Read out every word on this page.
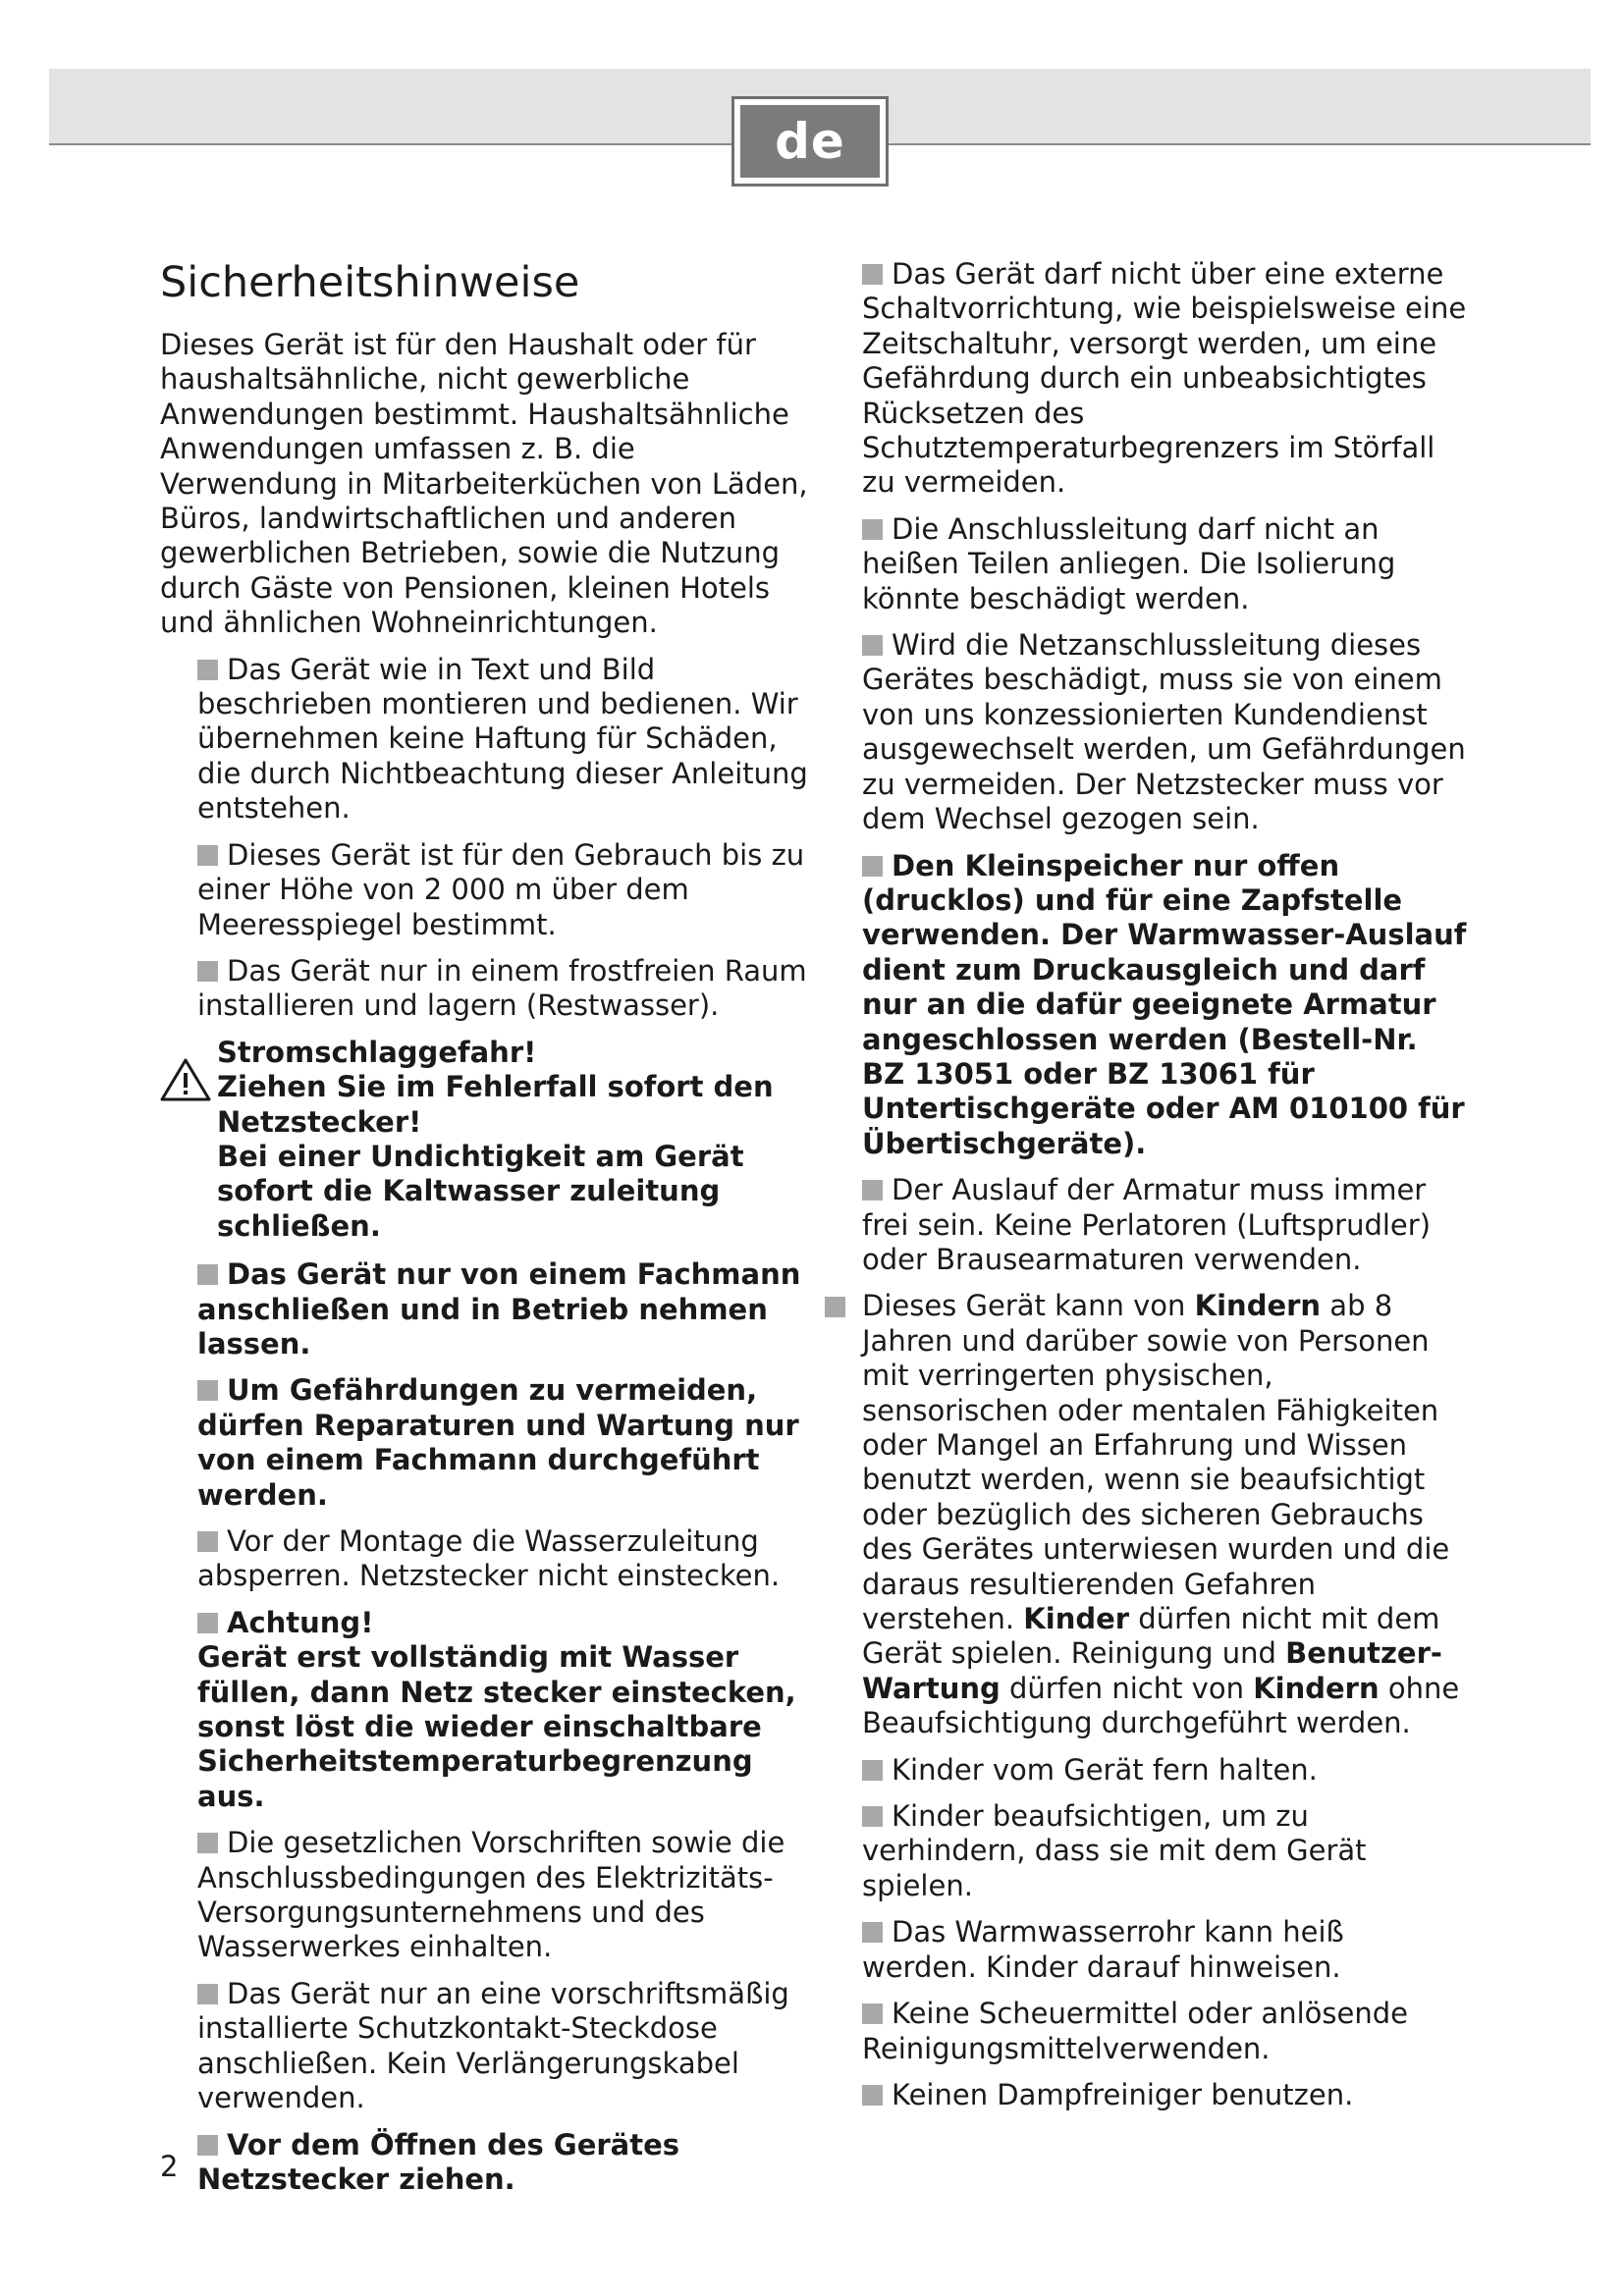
de
Sicherheitshinweise

Dieses Gerät ist für den Haushalt oder für haushaltsähnliche, nicht gewerbliche Anwendungen bestimmt. Haushaltsähnliche Anwendungen umfassen z. B. die Verwendung in Mitarbeiterküchen von Läden, Büros, landwirtschaftlichen und anderen gewerblichen Betrieben, sowie die Nutzung durch Gäste von Pensionen, kleinen Hotels und ähnlichen Wohneinrichtungen.

Das Gerät wie in Text und Bild beschrieben montieren und bedienen. Wir übernehmen keine Haftung für Schäden, die durch Nichtbeachtung dieser Anleitung entstehen.

Dieses Gerät ist für den Gebrauch bis zu einer Höhe von 2 000 m über dem Meeresspiegel bestimmt.

Das Gerät nur in einem frostfreien Raum installieren und lagern (Restwasser).

Stromschlaggefahr!
Ziehen Sie im Fehlerfall sofort den Netzstecker!
Bei einer Undichtigkeit am Gerät sofort die Kaltwasser zuleitung schließen.

Das Gerät nur von einem Fachmann anschließen und in Betrieb nehmen lassen.

Um Gefährdungen zu vermeiden, dürfen Reparaturen und Wartung nur von einem Fachmann durchgeführt werden.

Vor der Montage die Wasserzuleitung absperren. Netzstecker nicht einstecken.

Achtung!
Gerät erst vollständig mit Wasser füllen, dann Netz stecker einstecken, sonst löst die wieder einschaltbare Sicherheitstemperaturbegrenzung aus.

Die gesetzlichen Vorschriften sowie die Anschlussbedingungen des Elektrizitäts-Versorgungsunternehmens und des Wasserwerkes einhalten.

Das Gerät nur an eine vorschriftsmäßig installierte Schutzkontakt-Steckdose anschließen. Kein Verlängerungskabel verwenden.

Vor dem Öffnen des Gerätes Netzstecker ziehen.

Das Gerät darf nicht über eine externe Schaltvorrichtung, wie beispielsweise eine Zeitschaltuhr, versorgt werden, um eine Gefährdung durch ein unbeabsichtigtes Rücksetzen des Schutztemperaturbegrenzers im Störfall zu vermeiden.

Die Anschlussleitung darf nicht an heißen Teilen anliegen. Die Isolierung könnte beschädigt werden.

Wird die Netzanschlussleitung dieses Gerätes beschädigt, muss sie von einem von uns konzessionierten Kundendienst ausgewechselt werden, um Gefährdungen zu vermeiden. Der Netzstecker muss vor dem Wechsel gezogen sein.

Den Kleinspeicher nur offen (drucklos) und für eine Zapfstelle verwenden. Der Warmwasser-Auslauf dient zum Druckausgleich und darf nur an die dafür geeignete Armatur angeschlossen werden (Bestell-Nr. BZ 13051 oder BZ 13061 für Untertischgeräte oder AM 010100 für Übertischgeräte).

Der Auslauf der Armatur muss immer frei sein. Keine Perlatoren (Luftsprudler) oder Brausearmaturen verwenden.

Dieses Gerät kann von Kindern ab 8 Jahren und darüber sowie von Personen mit verringerten physischen, sensorischen oder mentalen Fähigkeiten oder Mangel an Erfahrung und Wissen benutzt werden, wenn sie beaufsichtigt oder bezüglich des sicheren Gebrauchs des Gerätes unterwiesen wurden und die daraus resultierenden Gefahren verstehen. Kinder dürfen nicht mit dem Gerät spielen. Reinigung und Benutzer-Wartung dürfen nicht von Kindern ohne Beaufsichtigung durchgeführt werden.

Kinder vom Gerät fern halten.

Kinder beaufsichtigen, um zu verhindern, dass sie mit dem Gerät spielen.

Das Warmwasserrohr kann heiß werden. Kinder darauf hinweisen.

Keine Scheuermittel oder anlösende Reinigungsmittelverwenden.

Keinen Dampfreiniger benutzen.

2
